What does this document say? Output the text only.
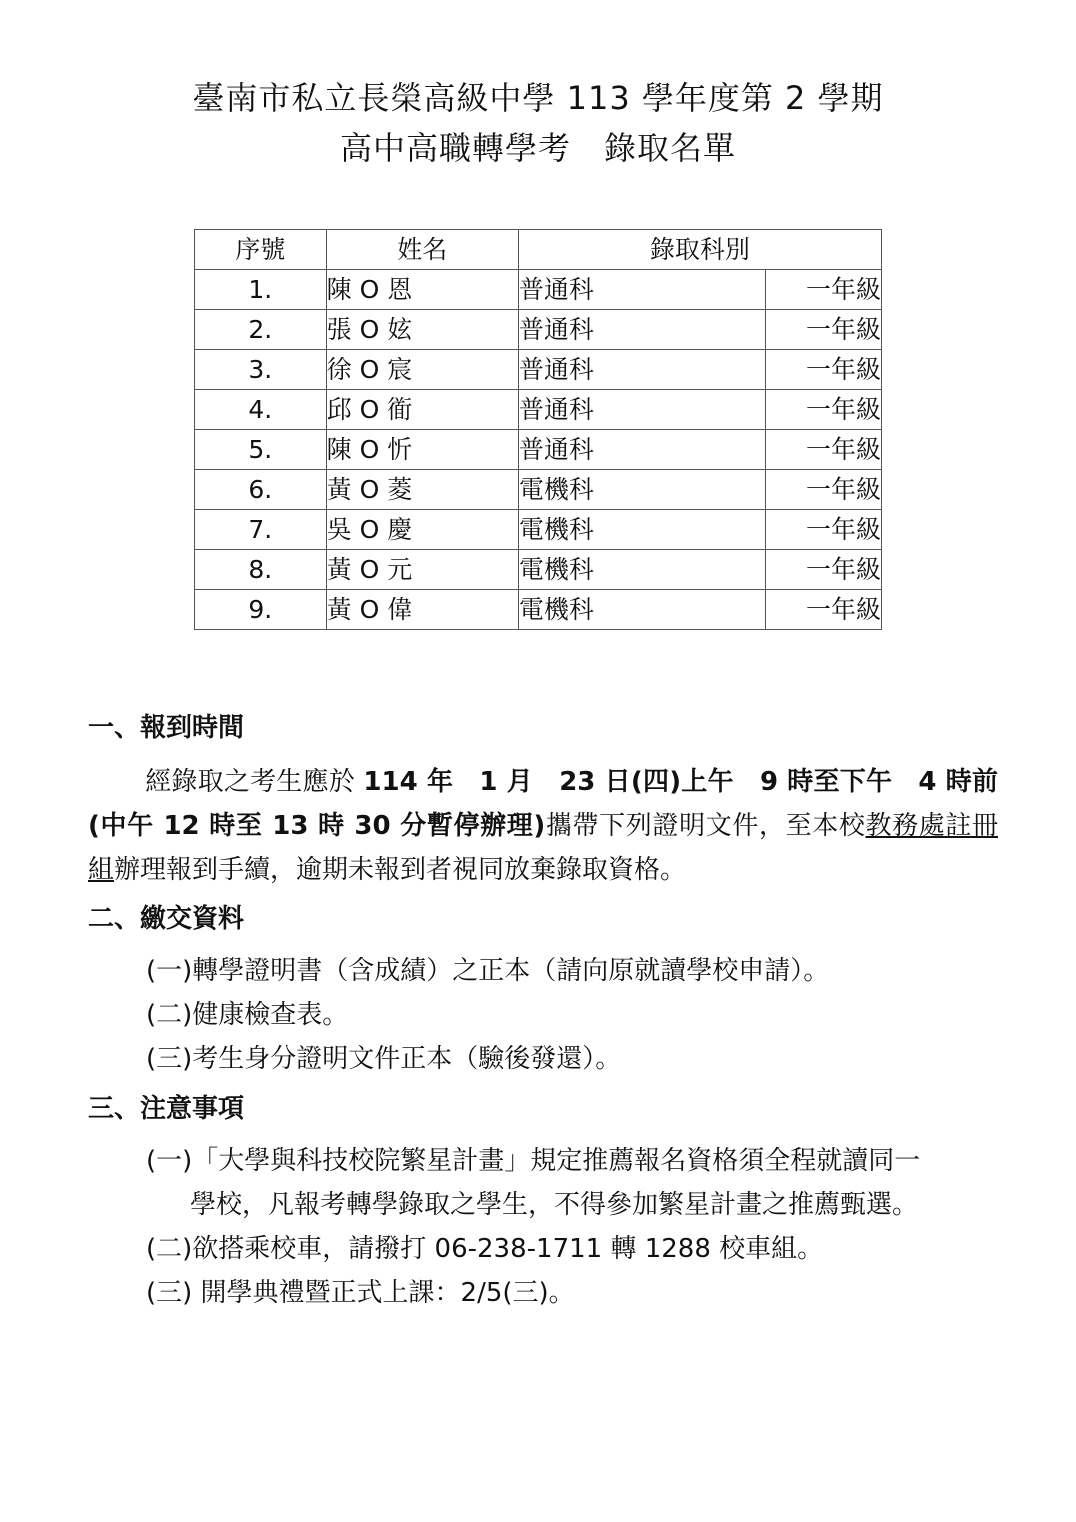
臺南市私立長榮高級中學 113 學年度第 2 學期
高中高職轉學考　錄取名單
序號	姓名	錄取科別	
1.	陳 O 恩	普通科	一年級
2.	張 O 妶	普通科	一年級
3.	徐 O 宸	普通科	一年級
4.	邱 O 衜	普通科	一年級
5.	陳 O 忻	普通科	一年級
6.	黃 O 菱	電機科	一年級
7.	吳 O 慶	電機科	一年級
8.	黃 O 元	電機科	一年級
9.	黃 O 偉	電機科	一年級
一、報到時間
經錄取之考生應於 114 年　1 月　23 日(四)上午　9 時至下午　4 時前(中午 12 時至 13 時 30 分暫停辦理)攜帶下列證明文件，至本校教務處註冊組辦理報到手續，逾期未報到者視同放棄錄取資格。
二、繳交資料
(一)轉學證明書（含成績）之正本（請向原就讀學校申請）。
(二)健康檢查表。
(三)考生身分證明文件正本（驗後發還）。
三、注意事項
(一)「大學與科技校院繁星計畫」規定推薦報名資格須全程就讀同一
學校，凡報考轉學錄取之學生，不得參加繁星計畫之推薦甄選。
(二)欲搭乘校車，請撥打 06-238-1711 轉 1288 校車組。
(三) 開學典禮暨正式上課：2/5(三)。
